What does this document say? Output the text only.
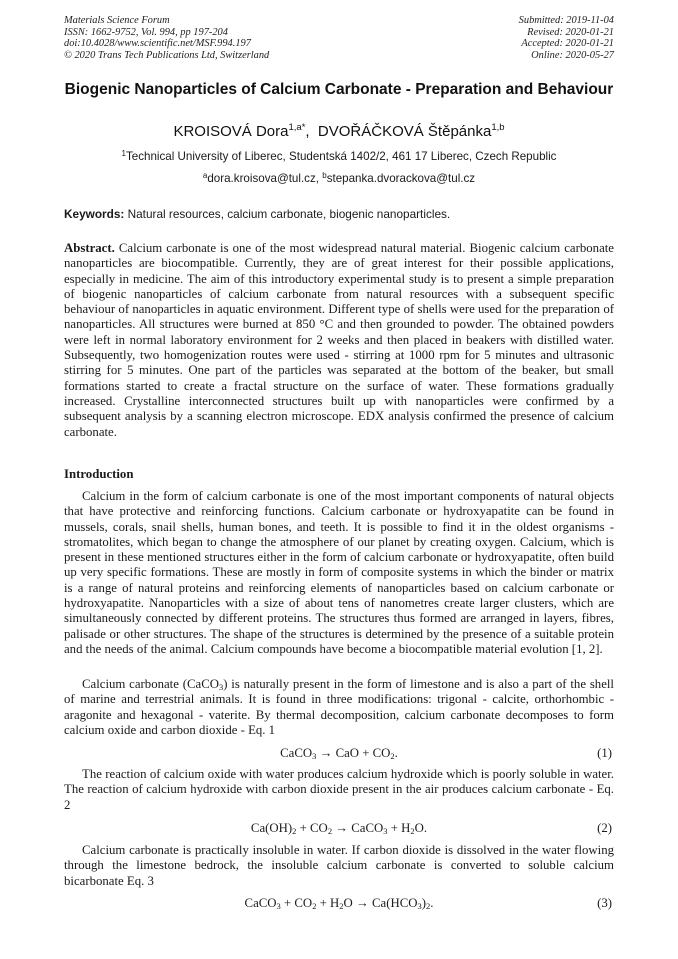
Materials Science Forum
ISSN: 1662-9752, Vol. 994, pp 197-204
doi:10.4028/www.scientific.net/MSF.994.197
© 2020 Trans Tech Publications Ltd, Switzerland
Submitted: 2019-11-04
Revised: 2020-01-21
Accepted: 2020-01-21
Online: 2020-05-27
Biogenic Nanoparticles of Calcium Carbonate - Preparation and Behaviour
KROISOVÁ Dora$^{1,a*}$,  DVOŘÁČKOVÁ Štěpánka$^{1,b}$
$^1$Technical University of Liberec, Studentská 1402/2, 461 17 Liberec, Czech Republic
$^a$dora.kroisova@tul.cz, $^b$stepanka.dvorackova@tul.cz
Keywords: Natural resources, calcium carbonate, biogenic nanoparticles.
Abstract. Calcium carbonate is one of the most widespread natural material. Biogenic calcium carbonate nanoparticles are biocompatible. Currently, they are of great interest for their possible applications, especially in medicine. The aim of this introductory experimental study is to present a simple preparation of biogenic nanoparticles of calcium carbonate from natural resources with a subsequent specific behaviour of nanoparticles in aquatic environment. Different type of shells were used for the preparation of nanoparticles. All structures were burned at 850 °C and then grounded to powder. The obtained powders were left in normal laboratory environment for 2 weeks and then placed in beakers with distilled water. Subsequently, two homogenization routes were used - stirring at 1000 rpm for 5 minutes and ultrasonic stirring for 5 minutes. One part of the particles was separated at the bottom of the beaker, but small formations started to create a fractal structure on the surface of water. These formations gradually increased. Crystalline interconnected structures built up with nanoparticles were confirmed by a subsequent analysis by a scanning electron microscope. EDX analysis confirmed the presence of calcium carbonate.
Introduction
Calcium in the form of calcium carbonate is one of the most important components of natural objects that have protective and reinforcing functions. Calcium carbonate or hydroxyapatite can be found in mussels, corals, snail shells, human bones, and teeth. It is possible to find it in the oldest organisms - stromatolites, which began to change the atmosphere of our planet by creating oxygen. Calcium, which is present in these mentioned structures either in the form of calcium carbonate or hydroxyapatite, often build up very specific formations. These are mostly in form of composite systems in which the binder or matrix is a range of natural proteins and reinforcing elements of nanoparticles based on calcium carbonate or hydroxyapatite. Nanoparticles with a size of about tens of nanometres create larger clusters, which are simultaneously connected by different proteins. The structures thus formed are arranged in layers, fibres, palisade or other structures. The shape of the structures is determined by the presence of a suitable protein and the needs of the animal. Calcium compounds have become a biocompatible material evolution [1, 2].
Calcium carbonate (CaCO$_3$) is naturally present in the form of limestone and is also a part of the shell of marine and terrestrial animals. It is found in three modifications: trigonal - calcite, orthorhombic - aragonite and hexagonal - vaterite. By thermal decomposition, calcium carbonate decomposes to form calcium oxide and carbon dioxide - Eq. 1
CaCO$_3$ → CaO + $CO_2$.	(1)
The reaction of calcium oxide with water produces calcium hydroxide which is poorly soluble in water. The reaction of calcium hydroxide with carbon dioxide present in the air produces calcium carbonate - Eq. 2
$Ca(OH)_2 + CO_2$ → CaCO$_3$ + $H_2O$.	(2)
Calcium carbonate is practically insoluble in water. If carbon dioxide is dissolved in the water flowing through the limestone bedrock, the insoluble calcium carbonate is converted to soluble calcium bicarbonate Eq. 3
CaCO$_3$ + $CO_2 + H_2O \to Ca(HCO_3)_2$.	(3)
